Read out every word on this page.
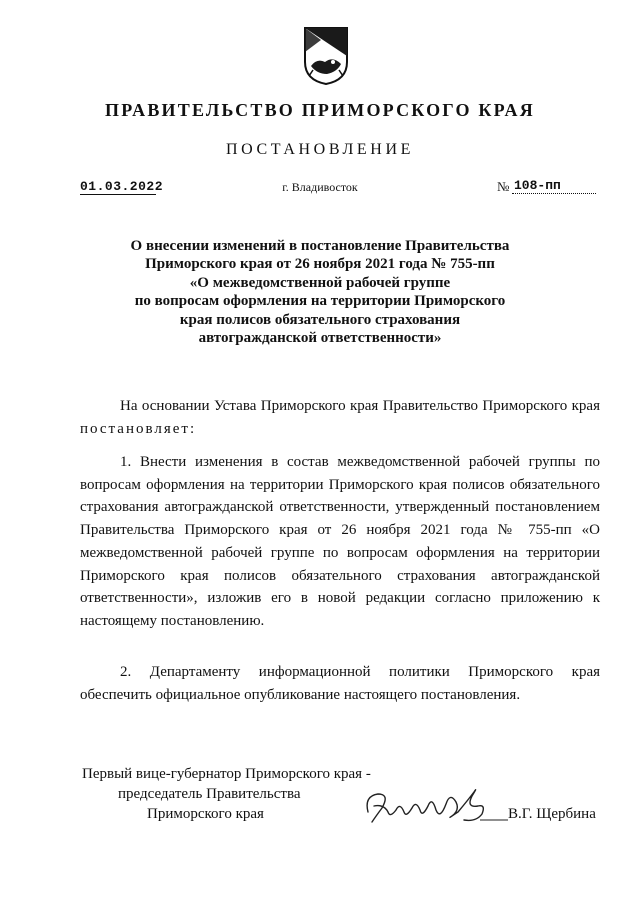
ПРАВИТЕЛЬСТВО ПРИМОРСКОГО КРАЯ
ПОСТАНОВЛЕНИЕ
01.03.2022	г. Владивосток	№ 108-пп
О внесении изменений в постановление Правительства
Приморского края от 26 ноября 2021 года № 755-пп
«О межведомственной рабочей группе
по вопросам оформления на территории Приморского
края полисов обязательного страхования
автогражданской ответственности»
На основании Устава Приморского края Правительство Приморского края постановляет:
1. Внести изменения в состав межведомственной рабочей группы по вопросам оформления на территории Приморского края полисов обязательного страхования автогражданской ответственности, утвержденный постановлением Правительства Приморского края от 26 ноября 2021 года № 755-пп «О межведомственной рабочей группе по вопросам оформления на территории Приморского края полисов обязательного страхования автогражданской ответственности», изложив его в новой редакции согласно приложению к настоящему постановлению.
2. Департаменту информационной политики Приморского края обеспечить официальное опубликование настоящего постановления.
Первый вице-губернатор Приморского края -
председатель Правительства
Приморского края	В.Г. Щербина
